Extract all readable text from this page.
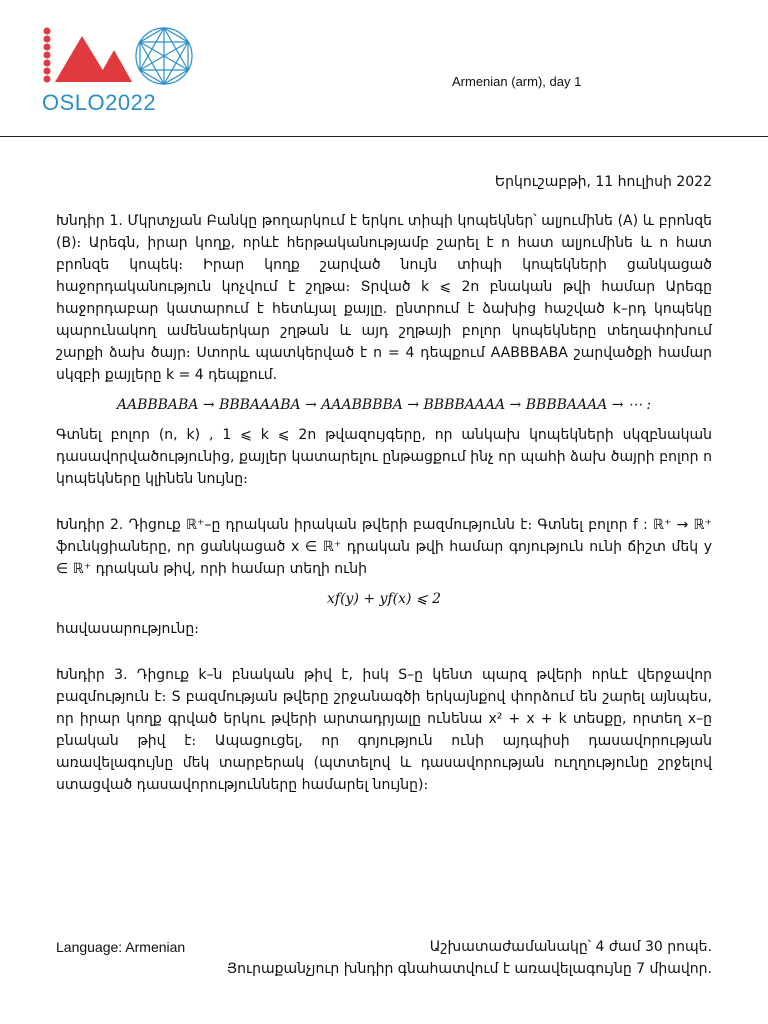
OSLO2022
Armenian (arm), day 1
Երկուշաբթի, 11 հուլիսի 2022

Խնդիր 1. Մկրտչյան Բանկը թողարկում է երկու տիպի կոպեկներ՝ ալյումինե (A) և բրոնզե (B)։ Արեգն, իրար կողք, որևէ հերթականությամբ շարել է n հատ ալյումինե և n հատ բրոնզե կոպեկ։ Իրար կողք շարված նույն տիպի կոպեկների ցանկացած հաջորդականություն կոչվում է շղթա։ Տրված k ⩽ 2n բնական թվի համար Արեգը հաջորդաբար կատարում է հետևյալ քայլը. ընտրում է ձախից հաշված k–րդ կոպեկը պարունակող ամենաերկար շղթան և այդ շղթայի բոլոր կոպեկները տեղափոխում շարքի ձախ ծայր։ Ստորև պատկերված է n = 4 դեպքում AABBBABA շարվածքի համար սկզբի քայլերը k = 4 դեպքում.

AABBBABA → BBBAAABA → AAABBBBA → BBBBAAAA → BBBBAAAA → ⋯ :

Գտնել բոլոր (n, k) , 1 ⩽ k ⩽ 2n թվազույգերը, որ անկախ կոպեկների սկզբնական դասավորվածությունից, քայլեր կատարելու ընթացքում ինչ որ պահի ձախ ծայրի բոլոր n կոպեկները կլինեն նույնը։

Խնդիր 2. Դիցուք ℝ⁺–ը դրական իրական թվերի բազմությունն է։ Գտնել բոլոր f : ℝ⁺ → ℝ⁺ ֆունկցիաները, որ ցանկացած x ∈ ℝ⁺ դրական թվի համար գոյություն ունի ճիշտ մեկ y ∈ ℝ⁺ դրական թիվ, որի համար տեղի ունի

xf(y) + yf(x) ⩽ 2

հավասարությունը։

Խնդիր 3. Դիցուք k–ն բնական թիվ է, իսկ S–ը կենտ պարզ թվերի որևէ վերջավոր բազմություն է։ S բազմության թվերը շրջանագծի երկայնքով փորձում են շարել այնպես, որ իրար կողք գրված երկու թվերի արտադրյալը ունենա x² + x + k տեսքը, որտեղ x–ը բնական թիվ է։ Ապացուցել, որ գոյություն ունի այդպիսի դասավորության առավելագույնը մեկ տարբերակ (պտտելով և դասավորության ուղղությունը շրջելով ստացված դասավորությունները համարել նույնը)։

Language: Armenian	Աշխատաժամանակը՝ 4 ժամ 30 րոպե.
Յուրաքանչյուր խնդիր գնահատվում է առավելագույնը 7 միավոր.
